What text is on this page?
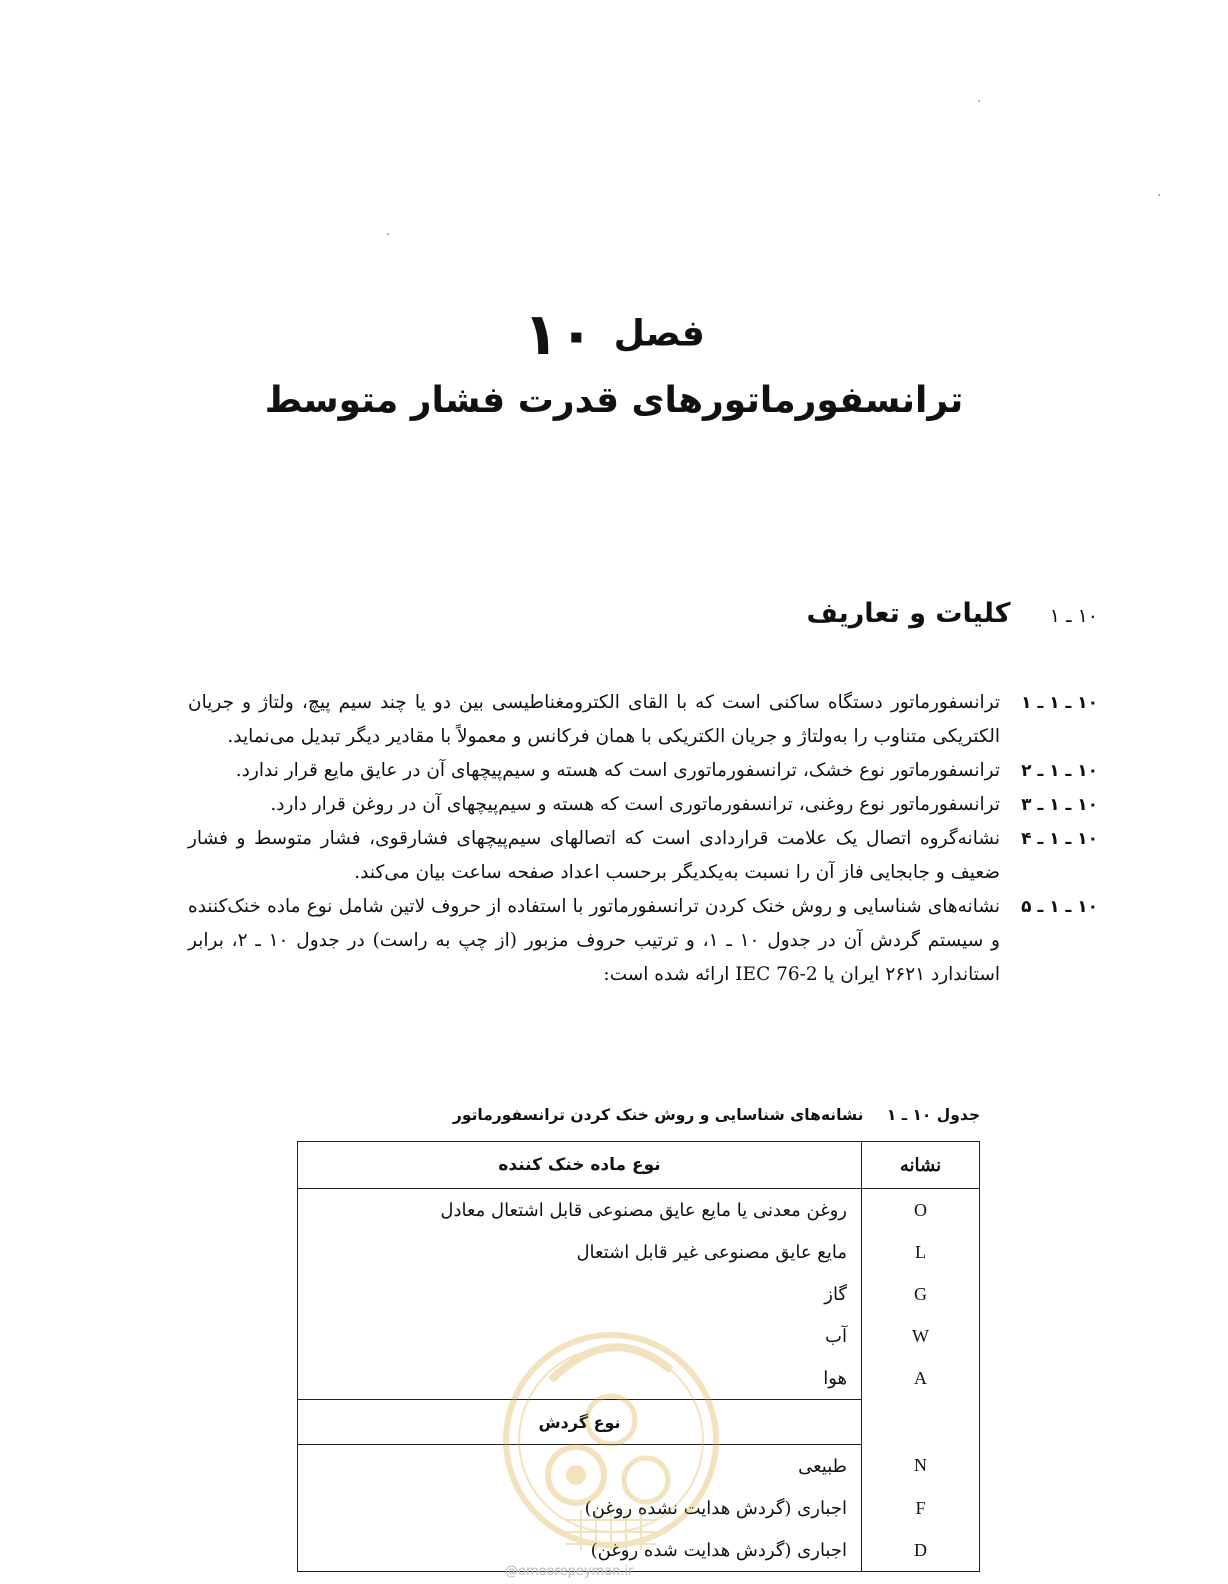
فصل ۱۰
ترانسفورماتورهای قدرت فشار متوسط
۱۰ ـ ۱ کلیات و تعاریف
۱۰ ـ ۱ ـ ۱
ترانسفورماتور دستگاه ساکنی است که با القای الکترومغناطیسی بین دو یا چند سیم پیچ، ولتاژ و جریان الکتریکی متناوب را به‌ولتاژ و جریان الکتریکی با همان فرکانس و معمولاً با مقادیر دیگر تبدیل می‌نماید.
۱۰ ـ ۱ ـ ۲
ترانسفورماتور نوع خشک، ترانسفورماتوری است که هسته و سیم‌پیچهای آن در عایق مایع قرار ندارد.
۱۰ ـ ۱ ـ ۳
ترانسفورماتور نوع روغنی، ترانسفورماتوری است که هسته و سیم‌پیچهای آن در روغن قرار دارد.
۱۰ ـ ۱ ـ ۴
نشانه‌گروه اتصال یک علامت قراردادی است که اتصالهای سیم‌پیچهای فشارقوی، فشار متوسط و فشار ضعیف و جابجایی فاز آن را نسبت به‌یکدیگر برحسب اعداد صفحه ساعت بیان می‌کند.
۱۰ ـ ۱ ـ ۵
نشانه‌های شناسایی و روش خنک کردن ترانسفورماتور با استفاده از حروف لاتین شامل نوع ماده خنک‌کننده و سیستم گردش آن در جدول ۱۰ ـ ۱، و ترتیب حروف مزبور (از چپ به راست) در جدول ۱۰ ـ ۲، برابر استاندارد ۲۶۲۱ ایران یا IEC 76-2 ارائه شده است:
جدول ۱۰ ـ ۱ نشانه‌های شناسایی و روش خنک کردن ترانسفورماتور
نشانه	نوع ماده خنک کننده
O	روغن معدنی یا مایع عایق مصنوعی قابل اشتعال معادل
L	مایع عایق مصنوعی غیر قابل اشتعال
G	گاز
W	آب
A	هوا
	نوع گردش
N	طبیعی
F	اجباری (گردش هدایت نشده روغن)
D	اجباری (گردش هدایت شده روغن)
@omoorepeyman.ir
